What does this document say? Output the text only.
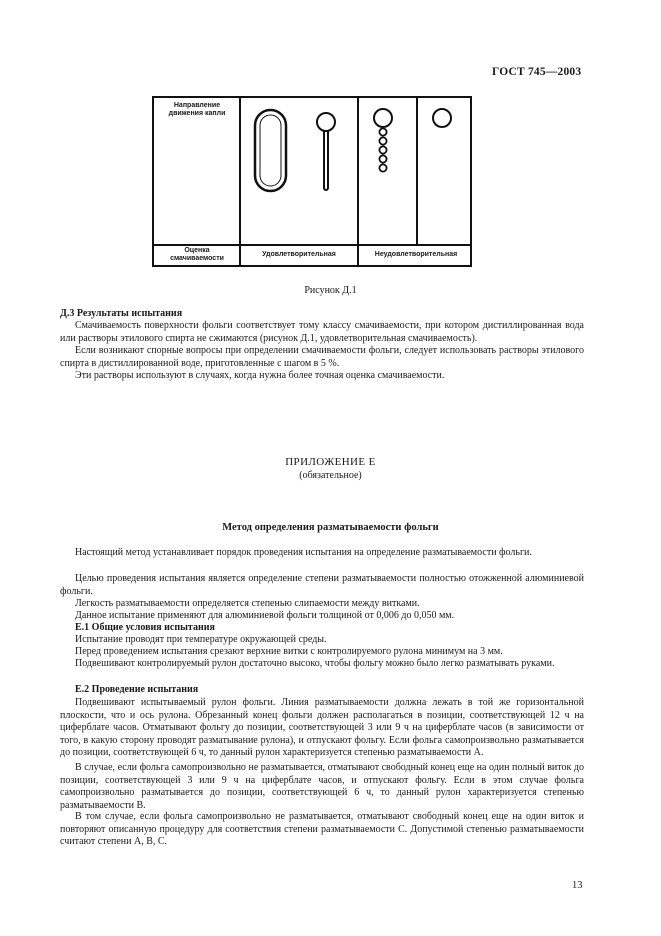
ГОСТ 745—2003
Направление движения капли
Оценка смачиваемости
Удовлетворительная	Неудовлетворительная
Рисунок Д.1
Д.3 Результаты испытания
Смачиваемость поверхности фольги соответствует тому классу смачиваемости, при котором дистиллированная вода или растворы этилового спирта не сжимаются (рисунок Д.1, удовлетворительная смачиваемость).
Если возникают спорные вопросы при определении смачиваемости фольги, следует использовать растворы этилового спирта в дистиллированной воде, приготовленные с шагом в 5 %.
Эти растворы используют в случаях, когда нужна более точная оценка смачиваемости.
ПРИЛОЖЕНИЕ Е
(обязательное)
Метод определения разматываемости фольги
Настоящий метод устанавливает порядок проведения испытания на определение разматываемости фольги.
Целью проведения испытания является определение степени разматываемости полностью отожженной алюминиевой фольги.
Легкость разматываемости определяется степенью слипаемости между витками.
Данное испытание применяют для алюминиевой фольги толщиной от 0,006 до 0,050 мм.
Е.1 Общие условия испытания
Испытание проводят при температуре окружающей среды.
Перед проведением испытания срезают верхние витки с контролируемого рулона минимум на 3 мм.
Подвешивают контролируемый рулон достаточно высоко, чтобы фольгу можно было легко разматывать руками.
Е.2 Проведение испытания
Подвешивают испытываемый рулон фольги. Линия разматываемости должна лежать в той же горизонтальной плоскости, что и ось рулона. Обрезанный конец фольги должен располагаться в позиции, соответствующей 12 ч на циферблате часов. Отматывают фольгу до позиции, соответствующей 3 или 9 ч на циферблате часов (в зависимости от того, в какую сторону проводят разматывание рулона), и отпускают фольгу. Если фольга самопроизвольно разматывается до позиции, соответствующей 6 ч, то данный рулон характеризуется степенью разматываемости А.
В случае, если фольга самопроизвольно не разматывается, отматывают свободный конец еще на один полный виток до позиции, соответствующей 3 или 9 ч на циферблате часов, и отпускают фольгу. Если в этом случае фольга самопроизвольно разматывается до позиции, соответствующей 6 ч, то данный рулон характеризуется степенью разматываемости В.
В том случае, если фольга самопроизвольно не разматывается, отматывают свободный конец еще на один виток и повторяют описанную процедуру для соответствия степени разматываемости С. Допустимой степенью разматываемости считают степени А, В, С.
13
